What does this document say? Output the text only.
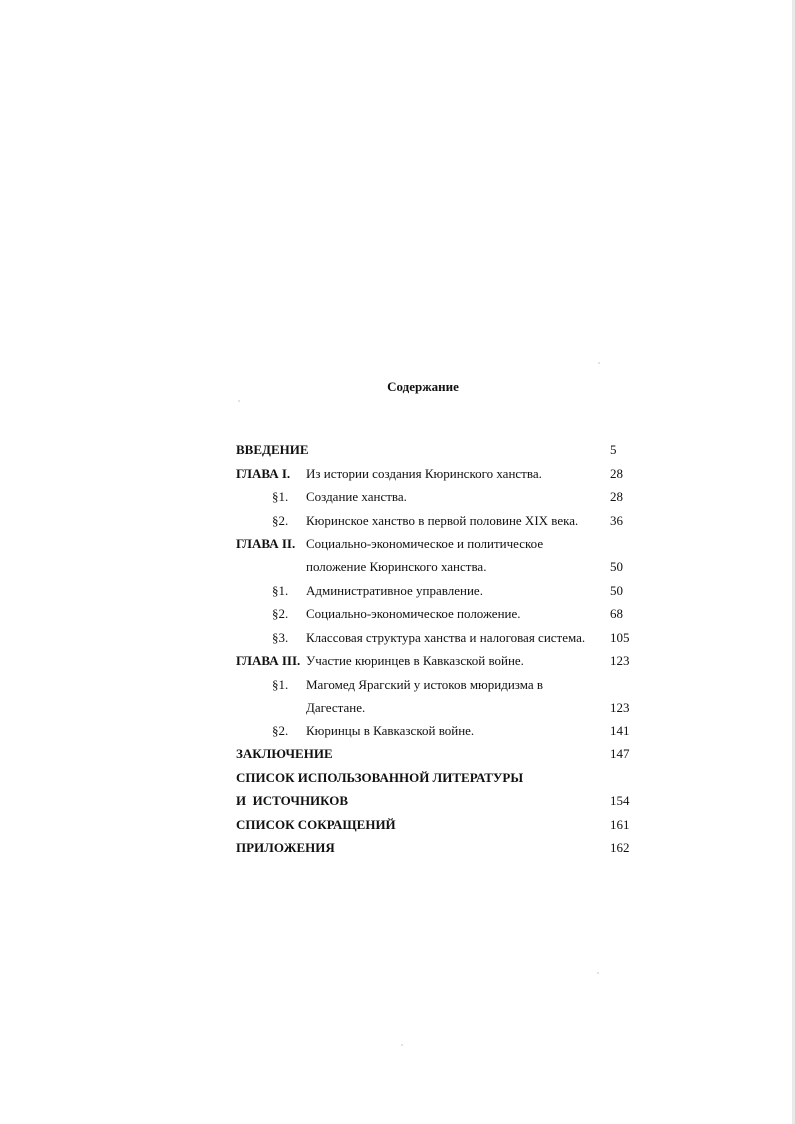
Содержание
ВВЕДЕНИЕ	5
ГЛАВА I. Из истории создания Кюринского ханства.	28
§1. Создание ханства.	28
§2. Кюринское ханство в первой половине XIX века. 36
ГЛАВА II. Социально-экономическое и политическое
положение Кюринского ханства.	50
§1. Административное управление.	50
§2. Социально-экономическое положение.	68
§3. Классовая структура ханства и налоговая система. 105
ГЛАВА III. Участие кюринцев в Кавказской войне.	123
§1. Магомед Ярагский у истоков мюридизма в
Дагестане.	123
§2. Кюринцы в Кавказской войне.	141
ЗАКЛЮЧЕНИЕ	147
СПИСОК ИСПОЛЬЗОВАННОЙ ЛИТЕРАТУРЫ
И  ИСТОЧНИКОВ	154
СПИСОК СОКРАЩЕНИЙ	161
ПРИЛОЖЕНИЯ	162
